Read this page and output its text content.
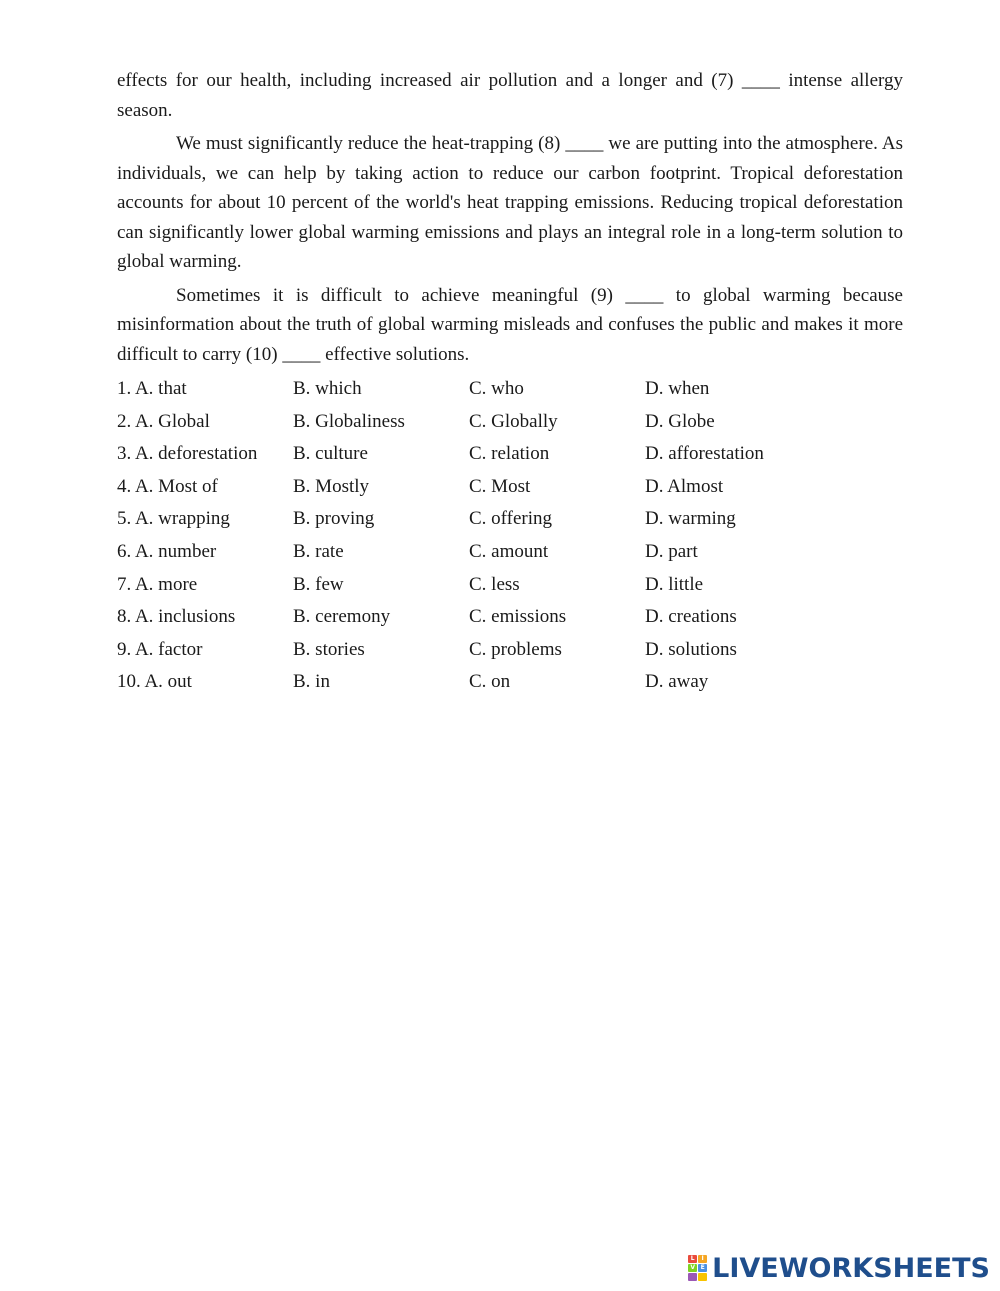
effects for our health, including increased air pollution and a longer and (7) ____ intense allergy season.

We must significantly reduce the heat-trapping (8) ____ we are putting into the atmosphere. As individuals, we can help by taking action to reduce our carbon footprint. Tropical deforestation accounts for about 10 percent of the world's heat trapping emissions. Reducing tropical deforestation can significantly lower global warming emissions and plays an integral role in a long-term solution to global warming.

Sometimes it is difficult to achieve meaningful (9) ____ to global warming because misinformation about the truth of global warming misleads and confuses the public and makes it more difficult to carry (10) ____ effective solutions.

1. A. that	B. which	C. who	D. when
2. A. Global	B. Globaliness	C. Globally	D. Globe
3. A. deforestation	B. culture	C. relation	D. afforestation
4. A. Most of	B. Mostly	C. Most	D. Almost
5. A. wrapping	B. proving	C. offering	D. warming
6. A. number	B. rate	C. amount	D. part
7. A. more	B. few	C. less	D. little
8. A. inclusions	B. ceremony	C. emissions	D. creations
9. A. factor	B. stories	C. problems	D. solutions
10. A. out	B. in	C. on	D. away
L	I
V E LIVEWORKSHEETS
